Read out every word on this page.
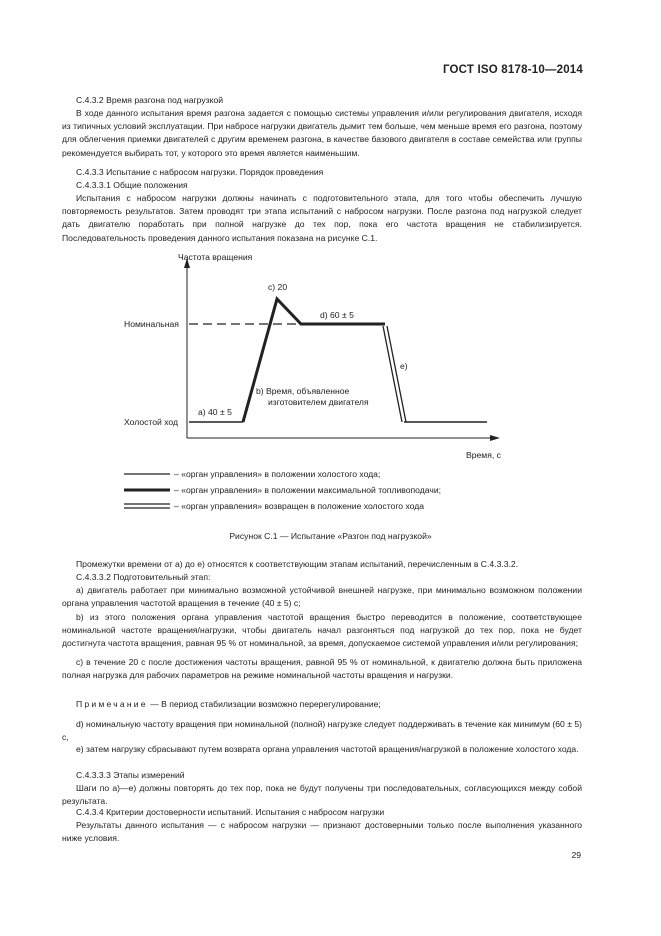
ГОСТ ISO 8178-10—2014
С.4.3.2 Время разгона под нагрузкой
В ходе данного испытания время разгона задается с помощью системы управления и/или регулирования двигателя, исходя из типичных условий эксплуатации. При набросе нагрузки двигатель дымит тем больше, чем меньше время его разгона, поэтому для облегчения приемки двигателей с другим временем разгона, в качестве базового двигателя в составе семейства или группы рекомендуется выбирать тот, у которого это время является наименьшим.
С.4.3.3 Испытание с набросом нагрузки. Порядок проведения
С.4.3.3.1 Общие положения
Испытания с набросом нагрузки должны начинать с подготовительного этапа, для того чтобы обеспечить лучшую повторяемость результатов. Затем проводят три этапа испытаний с набросом нагрузки. После разгона под нагрузкой следует дать двигателю поработать при полной нагрузке до тех пор, пока его частота вращения не стабилизируется. Последовательность проведения данного испытания показана на рисунке С.1.
Частота вращения
Время, с
Номинальная
Холостой ход
a) 40 ± 5
b) Время, объявленное
изготовителем двигателя
c) 20
d) 60 ± 5
e)
– «орган управления» в положении холостого хода;
– «орган управления» в положении максимальной топливоподачи;
– «орган управления» возвращен в положение холостого хода
Рисунок С.1 — Испытание «Разгон под нагрузкой»
Промежутки времени от а) до е) относятся к соответствующим этапам испытаний, перечисленным в С.4.3.3.2.
С.4.3.3.2 Подготовительный этап:
a) двигатель работает при минимально возможной устойчивой внешней нагрузке, при минимально возможном положении органа управления частотой вращения в течение (40 ± 5) с;
b) из этого положения органа управления частотой вращения быстро переводится в положение, соответствующее номинальной частоте вращения/нагрузки, чтобы двигатель начал разгоняться под нагрузкой до тех пор, пока не будет достигнута частота вращения, равная 95 % от номинальной, за время, допускаемое системой управления и/или регулирования;
c) в течение 20 с после достижения частоты вращения, равной 95 % от номинальной, к двигателю должна быть приложена полная нагрузка для рабочих параметров на режиме номинальной частоты вращения и нагрузки.
Примечание — В период стабилизации возможно перерегулирование;
d) номинальную частоту вращения при номинальной (полной) нагрузке следует поддерживать в течение как минимум (60 ± 5) с,
e) затем нагрузку сбрасывают путем возврата органа управления частотой вращения/нагрузкой в положение холостого хода.
С.4.3.3.3 Этапы измерений
Шаги по а)—е) должны повторять до тех пор, пока не будут получены три последовательных, согласующихся между собой результата.
С.4.3.4 Критерии достоверности испытаний. Испытания с набросом нагрузки
Результаты данного испытания — с набросом нагрузки — признают достоверными только после выполнения указанного ниже условия.
29
